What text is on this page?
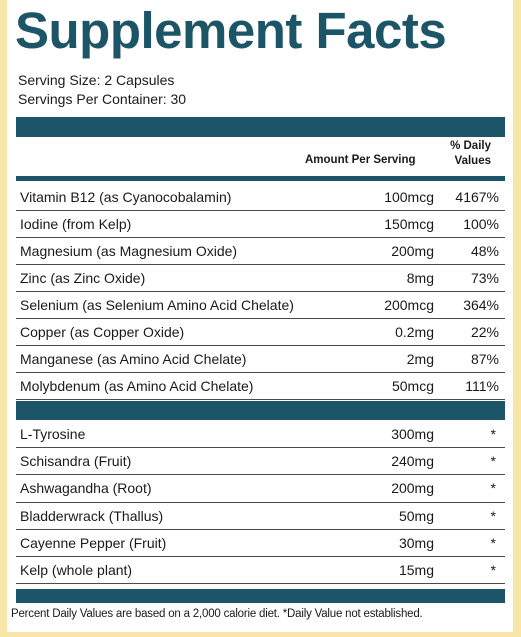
Supplement Facts
Serving Size: 2 Capsules
Servings Per Container: 30
Amount Per Serving
% Daily
Values
Vitamin B12 (as Cyanocobalamin)	100mcg 4167%
Iodine (from Kelp)	150mcg 100%
Magnesium (as Magnesium Oxide)	200mg	48%
Zinc (as Zinc Oxide)	8mg	73%
Selenium (as Selenium Amino Acid Chelate)	200mcg 364%
Copper (as Copper Oxide)	0.2mg	22%
Manganese (as Amino Acid Chelate)	2mg	87%
Molybdenum (as Amino Acid Chelate)	50mcg 111%
L-Tyrosine	300mg	*
Schisandra (Fruit)	240mg	*
Ashwagandha (Root)	200mg	*
Bladderwrack (Thallus)	50mg	*
Cayenne Pepper (Fruit)	30mg	*
Kelp (whole plant)	15mg	*
Percent Daily Values are based on a 2,000 calorie diet. *Daily Value not established.
